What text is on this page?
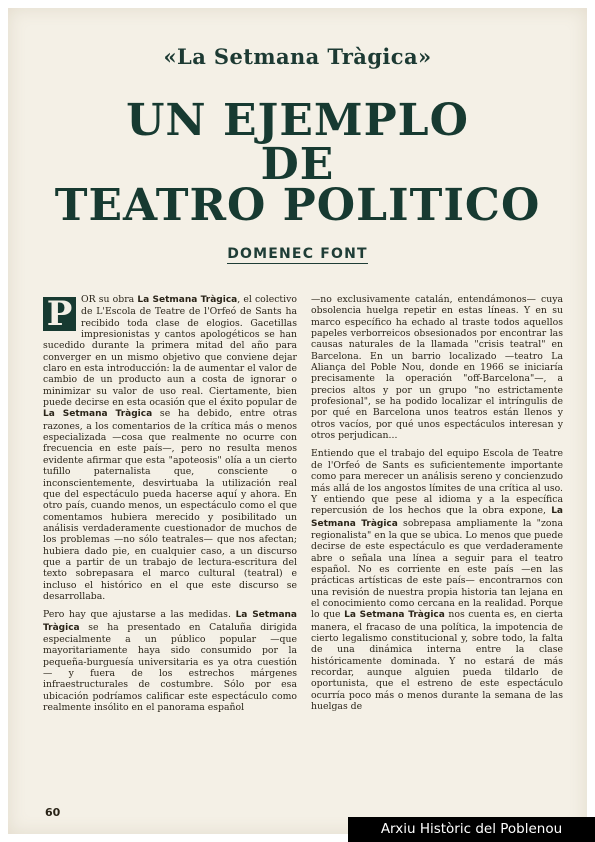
«La Setmana Tràgica»
UN EJEMPLO
DE
TEATRO POLITICO
DOMENEC FONT

P OR su obra La Setmana Tràgica, el colectivo de L'Escola de Teatre de l'Orfeó de Sants ha recibido toda clase de elogios. Gacetillas impresionistas y cantos apologéticos se han sucedido durante la primera mitad del año para converger en un mismo objetivo que conviene dejar claro en esta introducción: la de aumentar el valor de cambio de un producto aun a costa de ignorar o minimizar su valor de uso real. Ciertamente, bien puede decirse en esta ocasión que el éxito popular de La Setmana Tràgica se ha debido, entre otras razones, a los comentarios de la crítica más o menos especializada —cosa que realmente no ocurre con frecuencia en este país—, pero no resulta menos evidente afirmar que esta "apoteosis" olía a un cierto tufillo paternalista que, consciente o inconscientemente, desvirtuaba la utilización real que del espectáculo pueda hacerse aquí y ahora. En otro país, cuando menos, un espectáculo como el que comentamos hubiera merecido y posibilitado un análisis verdaderamente cuestionador de muchos de los problemas —no sólo teatrales— que nos afectan; hubiera dado pie, en cualquier caso, a un discurso que a partir de un trabajo de lectura-escritura del texto sobrepasara el marco cultural (teatral) e incluso el histórico en el que este discurso se desarrollaba.

Pero hay que ajustarse a las medidas. La Setmana Tràgica se ha presentado en Cataluña dirigida especialmente a un público popular —que mayoritariamente haya sido consumido por la pequeña-burguesía universitaria es ya otra cuestión— y fuera de los estrechos márgenes infraestructurales de costumbre. Sólo por esa ubicación podríamos calificar este espectáculo como realmente insólito en el panorama español

—no exclusivamente catalán, entendámonos— cuya obsolencia huelga repetir en estas líneas. Y en su marco específico ha echado al traste todos aquellos papeles verborreicos obsesionados por encontrar las causas naturales de la llamada "crisis teatral" en Barcelona. En un barrio localizado —teatro La Aliança del Poble Nou, donde en 1966 se iniciaría precisamente la operación "off-Barcelona"—, a precios altos y por un grupo "no estrictamente profesional", se ha podido localizar el intríngulis de por qué en Barcelona unos teatros están llenos y otros vacíos, por qué unos espectáculos interesan y otros perjudican...

Entiendo que el trabajo del equipo Escola de Teatre de l'Orfeó de Sants es suficientemente importante como para merecer un análisis sereno y concienzudo más allá de los angostos límites de una crítica al uso. Y entiendo que pese al idioma y a la específica repercusión de los hechos que la obra expone, La Setmana Tràgica sobrepasa ampliamente la "zona regionalista" en la que se ubica. Lo menos que puede decirse de este espectáculo es que verdaderamente abre o señala una línea a seguir para el teatro español. No es corriente en este país —en las prácticas artísticas de este país— encontrarnos con una revisión de nuestra propia historia tan lejana en el conocimiento como cercana en la realidad. Porque lo que La Setmana Tràgica nos cuenta es, en cierta manera, el fracaso de una política, la impotencia de cierto legalismo constitucional y, sobre todo, la falta de una dinámica interna entre la clase históricamente dominada. Y no estará de más recordar, aunque alguien pueda tildarlo de oportunista, que el estreno de este espectáculo ocurría poco más o menos durante la semana de las huelgas de

60
Arxiu Històric del Poblenou
